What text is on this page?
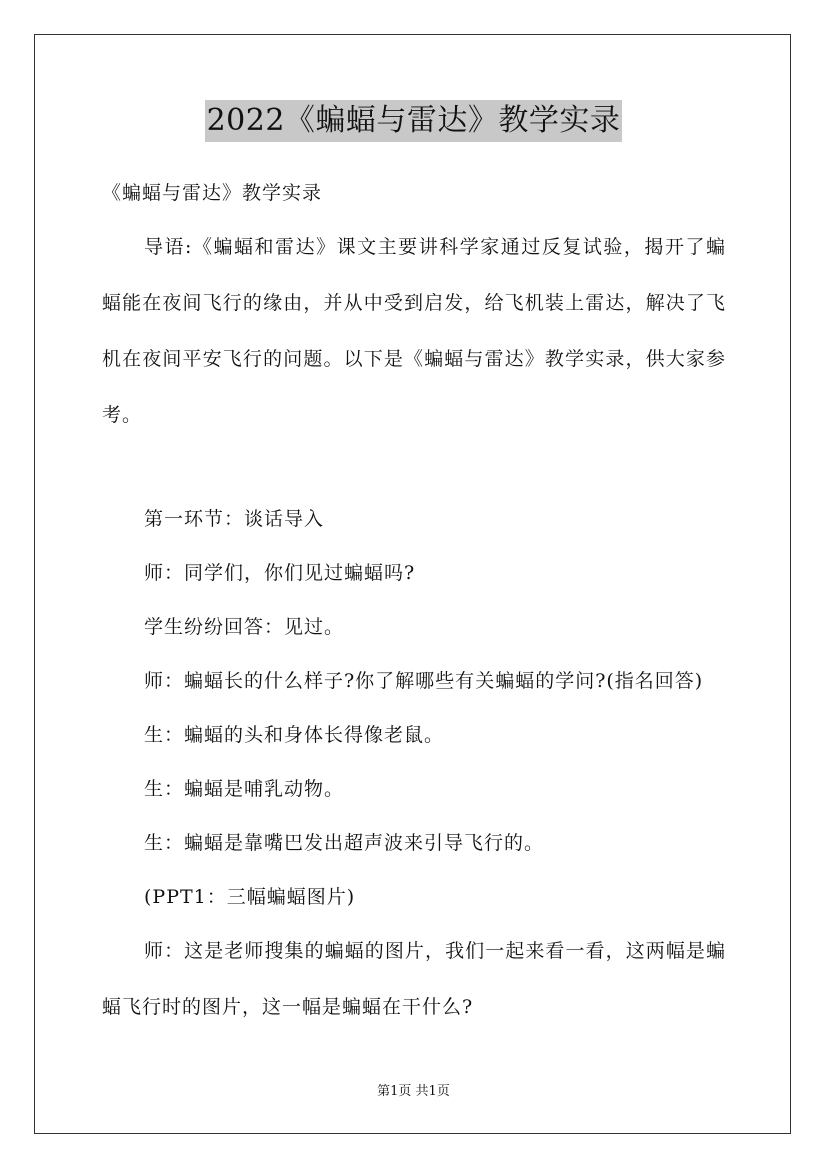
2022《蝙蝠与雷达》教学实录
《蝙蝠与雷达》教学实录
导语:《蝙蝠和雷达》课文主要讲科学家通过反复试验，揭开了蝙蝠能在夜间飞行的缘由，并从中受到启发，给飞机装上雷达，解决了飞机在夜间平安飞行的问题。以下是《蝙蝠与雷达》教学实录，供大家参考。
第一环节：谈话导入
师：同学们，你们见过蝙蝠吗?
学生纷纷回答：见过。
师：蝙蝠长的什么样子?你了解哪些有关蝙蝠的学问?(指名回答)
生：蝙蝠的头和身体长得像老鼠。
生：蝙蝠是哺乳动物。
生：蝙蝠是靠嘴巴发出超声波来引导飞行的。
(PPT1：三幅蝙蝠图片)
师：这是老师搜集的蝙蝠的图片，我们一起来看一看，这两幅是蝙蝠飞行时的图片，这一幅是蝙蝠在干什么?
第1页 共1页
